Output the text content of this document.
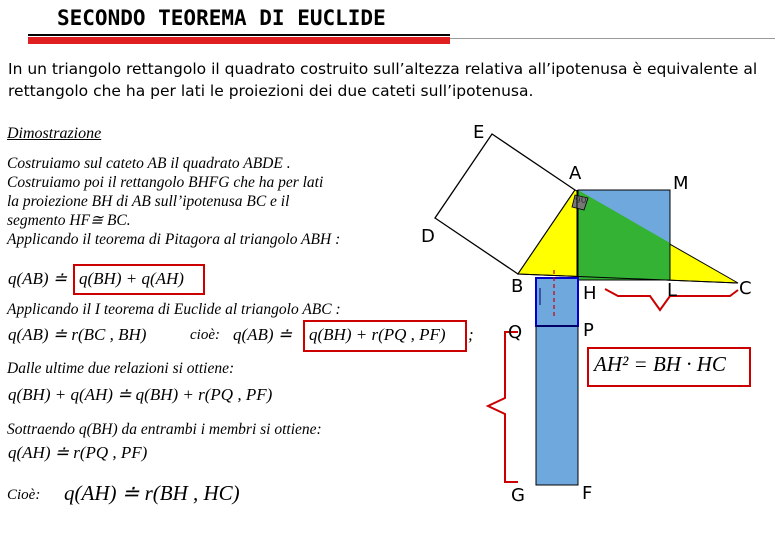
SECONDO TEOREMA DI EUCLIDE
In un triangolo rettangolo il quadrato costruito sull’altezza relativa all’ipotenusa è equivalente al rettangolo che ha per lati le proiezioni dei due cateti sull’ipotenusa.
Dimostrazione
Costruiamo sul cateto AB il quadrato ABDE .
Costruiamo poi il rettangolo BHFG che ha per lati
la proiezione BH di AB sull’ipotenusa BC e il
segmento HF≅ BC.
Applicando il teorema di Pitagora al triangolo ABH :
q(AB) ≐ q(BH) + q(AH)
Applicando il I teorema di Euclide al triangolo ABC :
q(AB) ≐ r(BC , BH)	cioè: q(AB) ≐ q(BH) + r(PQ , PF) ;
Dalle ultime due relazioni si ottiene:
q(BH) + q(AH) ≐ q(BH) + r(PQ , PF)
Sottraendo q(BH) da entrambi i membri si ottiene:
q(AH) ≐ r(PQ , PF)
Cioè: q(AH) ≐ r(BH , HC)
AH² = BH · HC
E
A	M
D
B	H	L	C
Q	P
G	F
90
